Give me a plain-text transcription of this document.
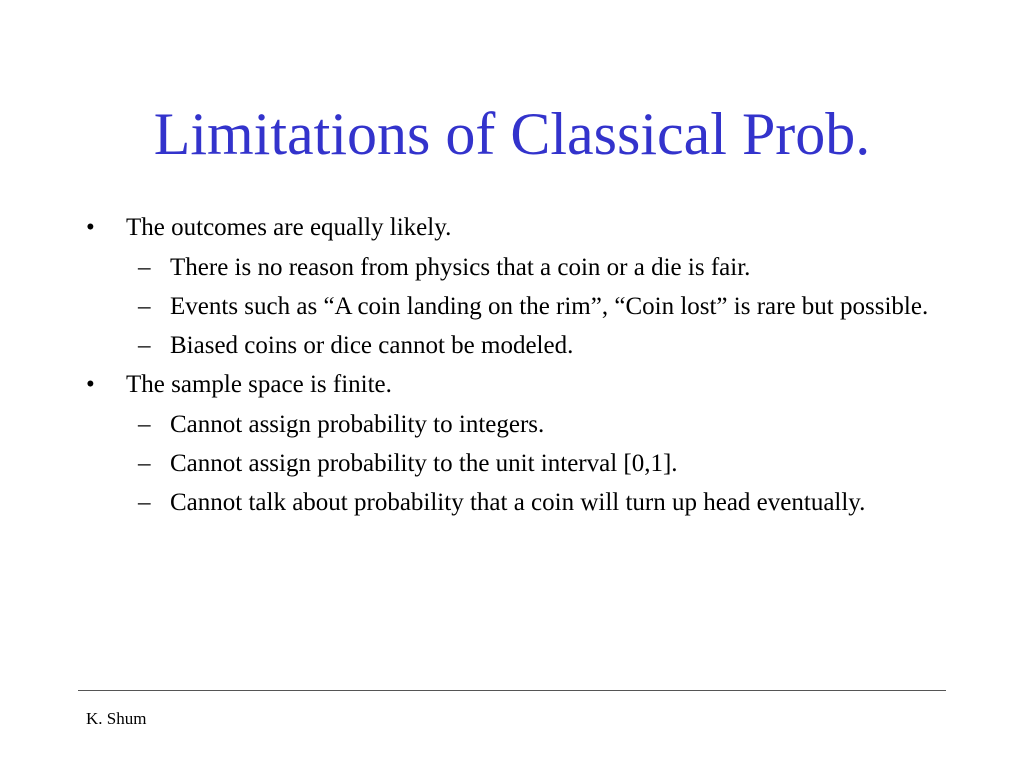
Limitations of Classical Prob.
• The outcomes are equally likely.
– There is no reason from physics that a coin or a die is fair.
– Events such as “A coin landing on the rim”, “Coin lost” is rare but possible.
– Biased coins or dice cannot be modeled.
• The sample space is finite.
– Cannot assign probability to integers.
– Cannot assign probability to the unit interval [0,1].
– Cannot talk about probability that a coin will turn up head eventually.
K. Shum
